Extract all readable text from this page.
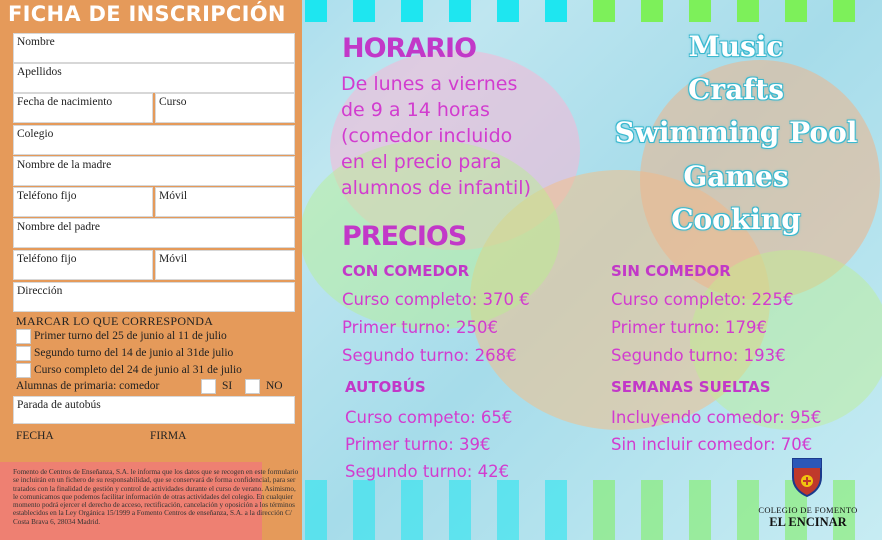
FICHA DE INSCRIPCIÓN
Nombre
Apellidos
Fecha de nacimiento	Curso
Colegio
Nombre de la madre
Teléfono fijo	Móvil
Nombre del padre
Teléfono fijo	Móvil
Dirección
MARCAR LO QUE CORRESPONDA
Primer turno del 25 de junio al 11 de julio
Segundo turno del 14 de junio al 31de julio
Curso completo del 24 de junio al 31 de julio
Alumnas de primaria: comedor	SI	NO
Parada de autobús
FECHA	FIRMA
Fomento de Centros de Enseñanza, S.A. le informa que los datos que se recogen en este formulario se incluirán en un fichero de su responsabilidad, que se conservará de forma confidencial, para ser tratados con la finalidad de gestión y control de actividades durante el curso de verano. Asimismo, le comunicamos que podemos facilitar información de otras actividades del colegio. En cualquier momento podrá ejercer el derecho de acceso, rectificación, cancelación y oposición a los términos establecidos en la Ley Orgánica 15/1999 a Fomento Centros de enseñanza, S.A. a la dirección C/ Costa Brava 6, 28034 Madrid.
HORARIO
De lunes a viernes
de 9 a 14 horas
(comedor incluido
en el precio para
alumnos de infantil)
PRECIOS
CON COMEDOR
Curso completo: 370 €
Primer turno: 250€
Segundo turno: 268€
SIN COMEDOR
Curso completo: 225€
Primer turno: 179€
Segundo turno: 193€
AUTOBÚS
Curso competo: 65€
Primer turno: 39€
Segundo turno: 42€
SEMANAS SUELTAS
Incluyendo comedor: 95€
Sin incluir comedor: 70€
Music
Crafts
Swimming Pool
Games
Cooking
COLEGIO DE FOMENTO
EL ENCINAR
